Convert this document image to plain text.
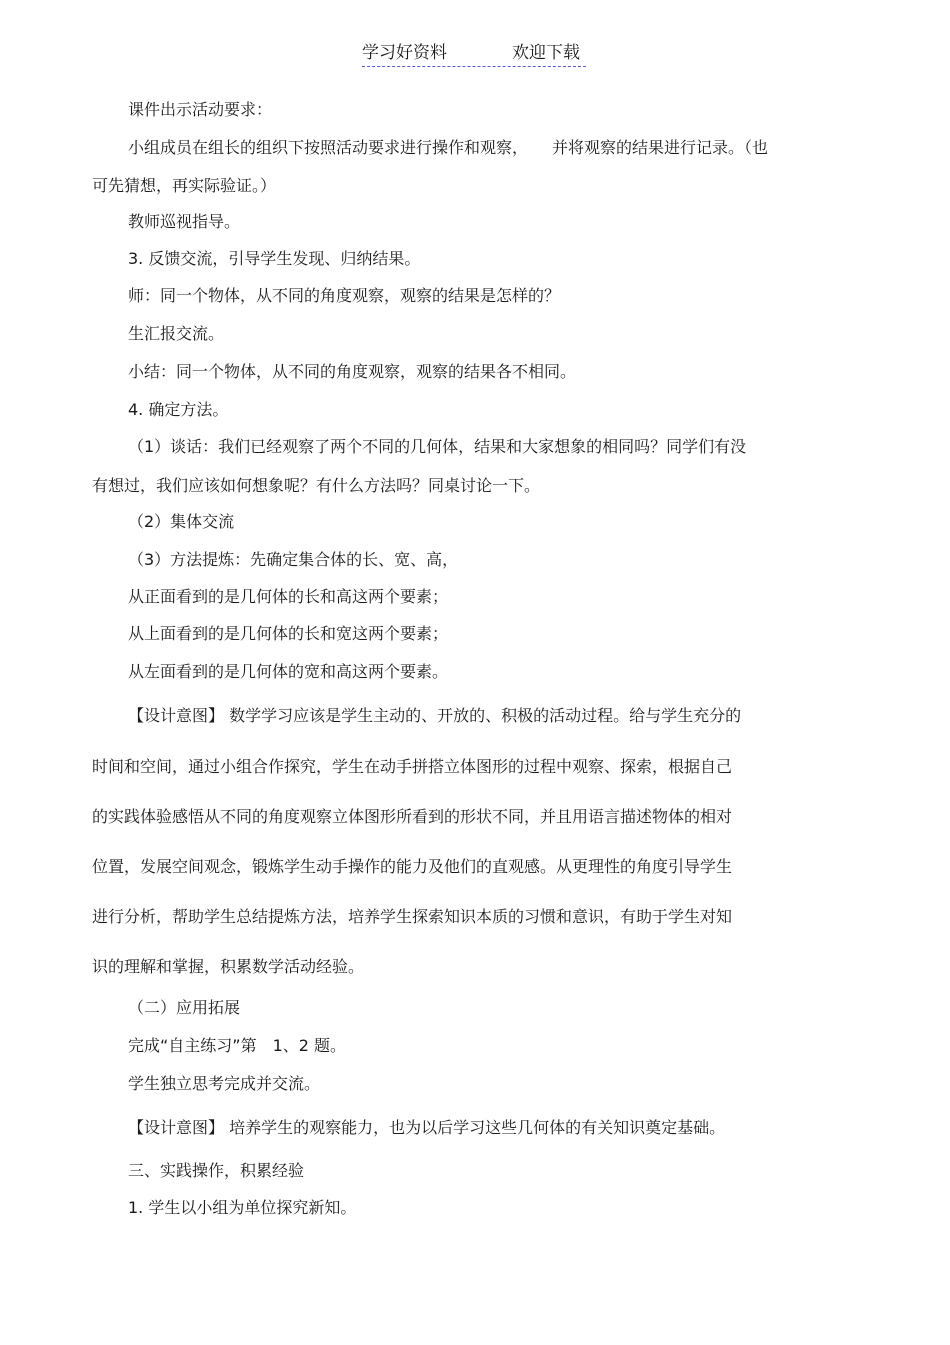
学习好资料	欢迎下载
课件出示活动要求：
小组成员在组长的组织下按照活动要求进行操作和观察，　　并将观察的结果进行记录。（也
可先猜想，再实际验证。）
教师巡视指导。
3. 反馈交流，引导学生发现、归纳结果。
师：同一个物体，从不同的角度观察，观察的结果是怎样的？
生汇报交流。
小结：同一个物体，从不同的角度观察，观察的结果各不相同。
4. 确定方法。
（1）谈话：我们已经观察了两个不同的几何体，结果和大家想象的相同吗？同学们有没
有想过，我们应该如何想象呢？有什么方法吗？同桌讨论一下。
（2）集体交流
（3）方法提炼：先确定集合体的长、宽、高，
从正面看到的是几何体的长和高这两个要素；
从上面看到的是几何体的长和宽这两个要素；
从左面看到的是几何体的宽和高这两个要素。
【设计意图】 数学学习应该是学生主动的、开放的、积极的活动过程。给与学生充分的
时间和空间，通过小组合作探究，学生在动手拼搭立体图形的过程中观察、探索，根据自己
的实践体验感悟从不同的角度观察立体图形所看到的形状不同，并且用语言描述物体的相对
位置，发展空间观念，锻炼学生动手操作的能力及他们的直观感。从更理性的角度引导学生
进行分析，帮助学生总结提炼方法，培养学生探索知识本质的习惯和意识，有助于学生对知
识的理解和掌握，积累数学活动经验。
（二）应用拓展
完成“自主练习”第　1、2 题。
学生独立思考完成并交流。
【设计意图】 培养学生的观察能力，也为以后学习这些几何体的有关知识奠定基础。
三、实践操作，积累经验
1. 学生以小组为单位探究新知。
